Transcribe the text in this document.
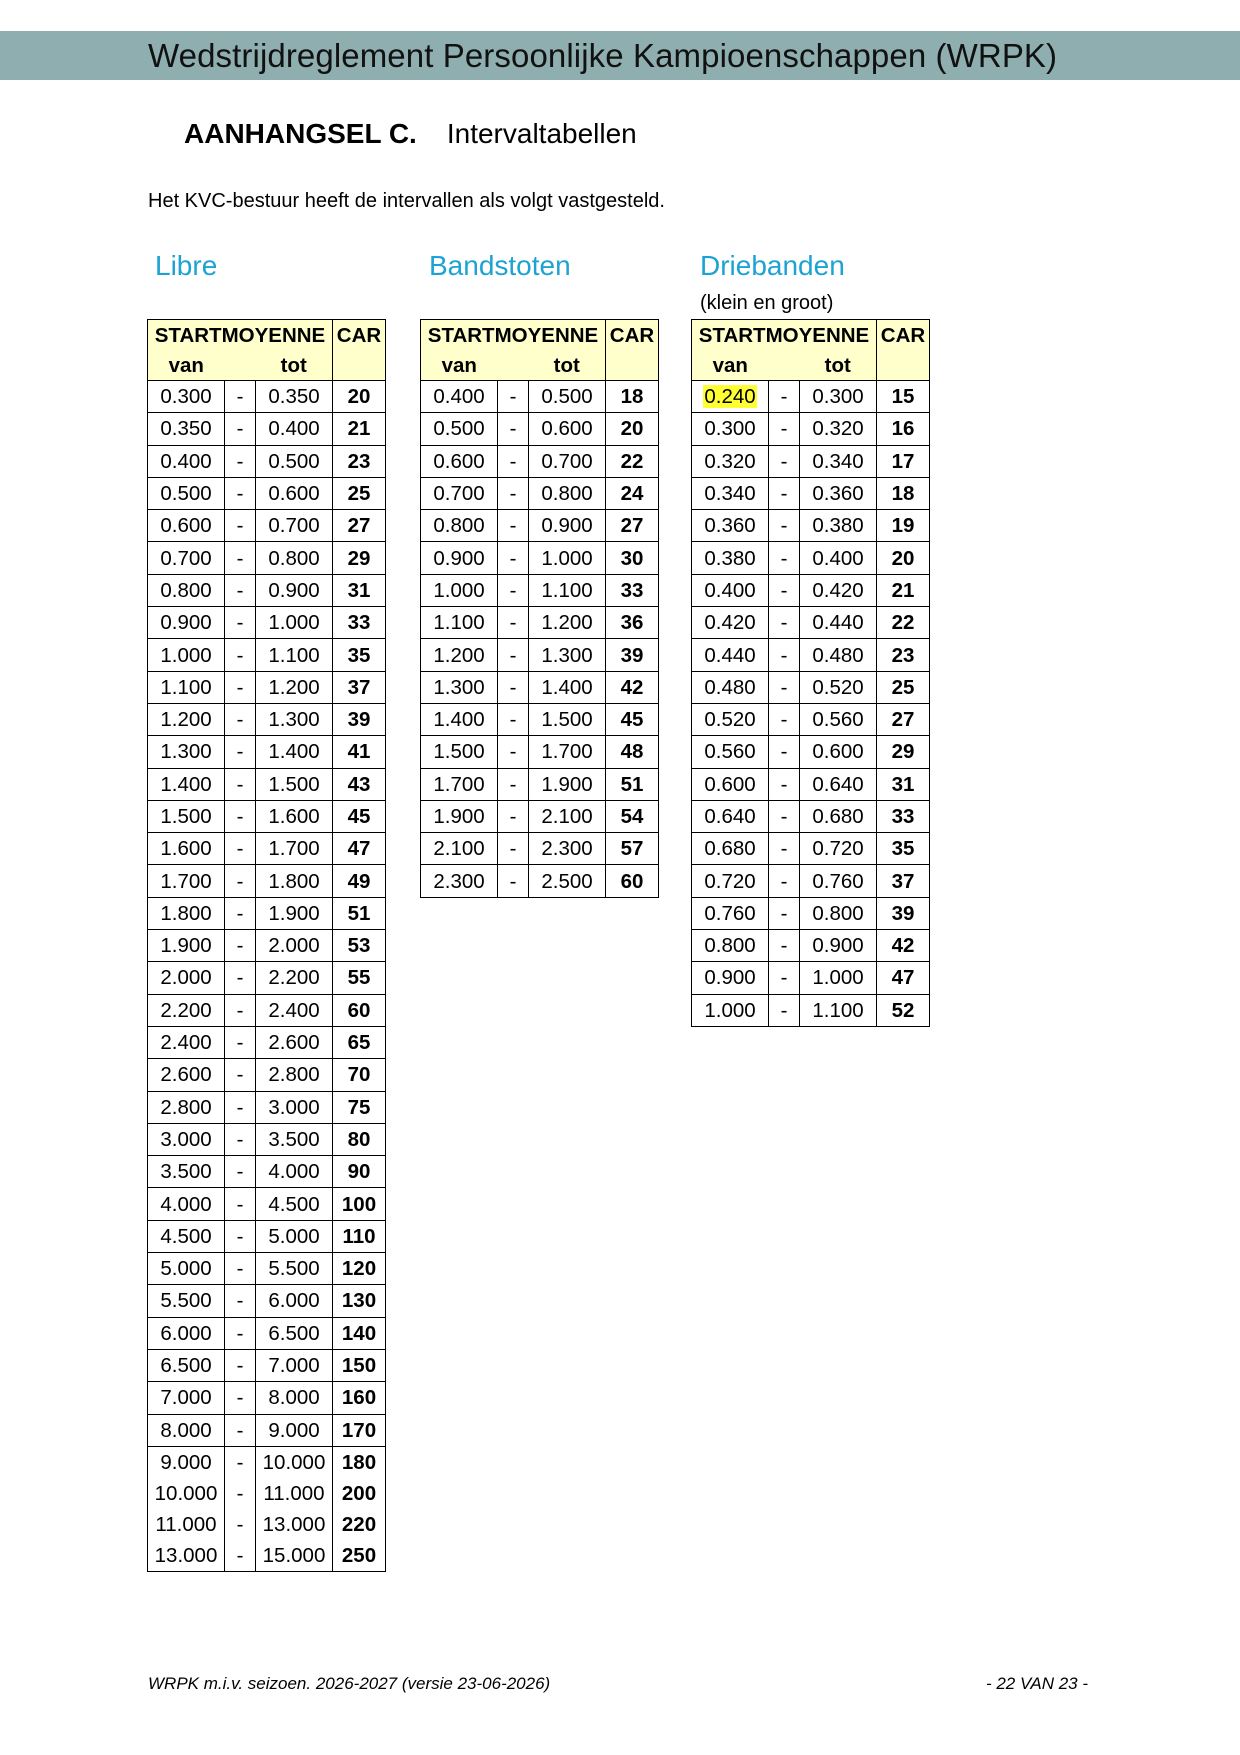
Wedstrijdreglement Persoonlijke Kampioenschappen (WRPK)
AANHANGSEL C. Intervaltabellen
Het KVC-bestuur heeft de intervallen als volgt vastgesteld.
Libre	Bandstoten	Driebanden
(klein en groot)
STARTMOYENNE			CAR
van		tot	
0.300	-	0.350	20
0.350	-	0.400	21
0.400	-	0.500	23
0.500	-	0.600	25
0.600	-	0.700	27
0.700	-	0.800	29
0.800	-	0.900	31
0.900	-	1.000	33
1.000	-	1.100	35
1.100	-	1.200	37
1.200	-	1.300	39
1.300	-	1.400	41
1.400	-	1.500	43
1.500	-	1.600	45
1.600	-	1.700	47
1.700	-	1.800	49
1.800	-	1.900	51
1.900	-	2.000	53
2.000	-	2.200	55
2.200	-	2.400	60
2.400	-	2.600	65
2.600	-	2.800	70
2.800	-	3.000	75
3.000	-	3.500	80
3.500	-	4.000	90
4.000	-	4.500	100
4.500	-	5.000	110
5.000	-	5.500	120
5.500	-	6.000	130
6.000	-	6.500	140
6.500	-	7.000	150
7.000	-	8.000	160
8.000	-	9.000	170
9.000	-	10.000	180
10.000	-	11.000	200
11.000	-	13.000	220
13.000	-	15.000	250
STARTMOYENNE			CAR
van		tot	
0.400	-	0.500	18
0.500	-	0.600	20
0.600	-	0.700	22
0.700	-	0.800	24
0.800	-	0.900	27
0.900	-	1.000	30
1.000	-	1.100	33
1.100	-	1.200	36
1.200	-	1.300	39
1.300	-	1.400	42
1.400	-	1.500	45
1.500	-	1.700	48
1.700	-	1.900	51
1.900	-	2.100	54
2.100	-	2.300	57
2.300	-	2.500	60
STARTMOYENNE			CAR
van		tot	
0.240	-	0.300	15
0.300	-	0.320	16
0.320	-	0.340	17
0.340	-	0.360	18
0.360	-	0.380	19
0.380	-	0.400	20
0.400	-	0.420	21
0.420	-	0.440	22
0.440	-	0.480	23
0.480	-	0.520	25
0.520	-	0.560	27
0.560	-	0.600	29
0.600	-	0.640	31
0.640	-	0.680	33
0.680	-	0.720	35
0.720	-	0.760	37
0.760	-	0.800	39
0.800	-	0.900	42
0.900	-	1.000	47
1.000	-	1.100	52
WRPK m.i.v. seizoen. 2026-2027 (versie 23-06-2026)	- 22 VAN 23 -
